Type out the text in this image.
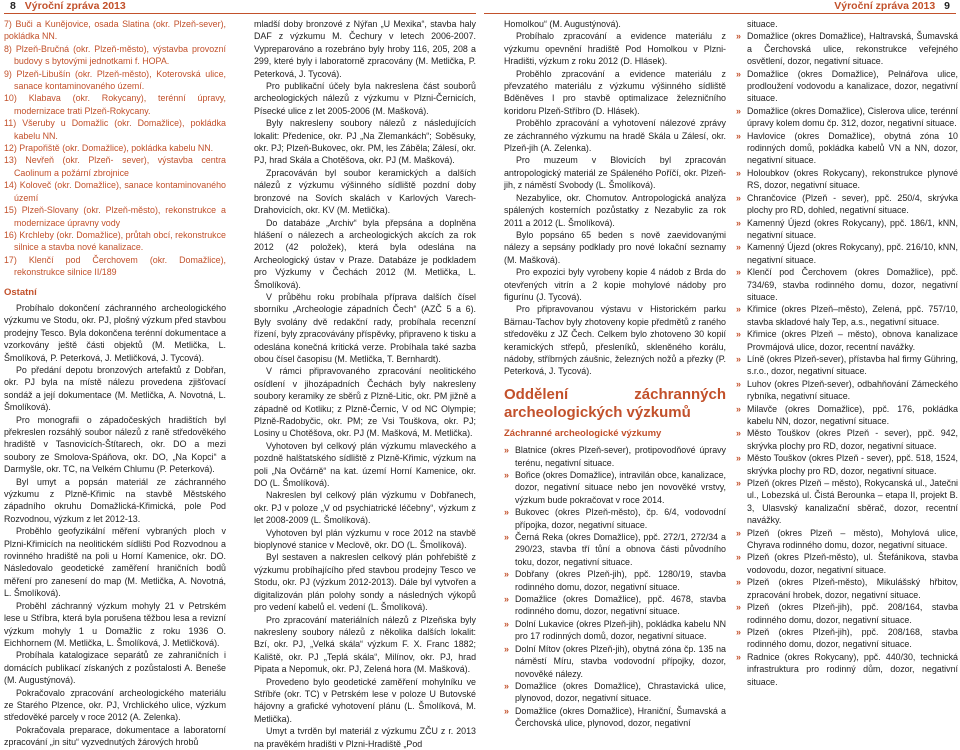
8 Výroční zpráva 2013	Výroční zpráva 2013 9

7) Buči a Kunějovice, osada Slatina (okr. Plzeň-sever), pokládka NN.

8) Plzeň-Bručná (okr. Plzeň-město), výstavba provozní budovy s bytovými jednotkami f. HOPA.
9) Plzeň-Libušín (okr. Plzeň-město), Koterovská ulice, sanace kontaminovaného území.
10) Klabava (okr. Rokycany), terénní úpravy, modernizace trati Plzeň-Rokycany.
11) Všeruby u Domažlic (okr. Domažlice), pokládka kabelu NN.
12) Prapořiště (okr. Domažlice), pokládka kabelu NN.
13) Nevřeň (okr. Plzeň- sever), výstavba centra Caolinum a požární zbrojnice
14) Koloveč (okr. Domažlice), sanace kontaminovaného území
15) Plzeň-Slovany (okr. Plzeň-město), rekonstrukce a modernizace úpravny vody
16) Krchleby (okr. Domažlice), průtah obcí, rekonstrukce silnice a stavba nové kanalizace.
17) Klenčí pod Čerchovem (okr. Domažlice), rekonstrukce silnice II/189
Ostatní

Probíhalo dokončení záchranného archeologického výzkumu ve Stodu, okr. PJ, plošný výzkum před stavbou prodejny Tesco. Byla dokončena terénní dokumentace a vzorkovány ještě části objektů (M. Metlička, L. Šmolíková, P. Peterková, J. Metličková, J. Tycová).

Po předání depotu bronzových artefaktů z Dobřan, okr. PJ byla na místě nálezu provedena zjišťovací sondáž a její dokumentace (M. Metlička, A. Novotná, L. Šmolíková).

Pro monografii o západočeských hradištích byl překreslen rozsáhlý soubor nálezů z raně středověkého hradiště v Tasnovicích-Štítarech, okr. DO a mezi soubory ze Smolova-Spáňova, okr. DO, „Na Kopci“ a Darmyšle, okr. TC, na Velkém Chlumu (P. Peterková).

Byl umyt a popsán materiál ze záchranného výzkumu z Plzně-Křimic na stavbě Městského západního okruhu Domažlická-Křimická, pole Pod Rozvodnou, výzkum z let 2012-13.

Proběhlo geofyzikální měření vybraných ploch v Plzni-Křimicích na neolitickém sídlišti Pod Rozvodnou a rovinného hradiště na poli u Horní Kamenice, okr. DO. Následovalo geodetické zaměření hraničních bodů měření pro zanesení do map (M. Metlička, A. Novotná, L. Šmolíková).

Proběhl záchranný výzkum mohyly 21 v Petrském lese u Stříbra, která byla porušena těžbou lesa a revizní výzkum mohyly 1 u Domažlic z roku 1936 O. Eichhornem (M. Metlička, L. Šmolíková, J. Metličková).

Probíhala katalogizace separátů ze zahraničních i domácích publikací získaných z pozůstalosti A. Beneše (M. Augustýnová).

Pokračovalo zpracování archeologického materiálu ze Starého Plzence, okr. PJ, Vrchlického ulice, výzkum středověké parcely v roce 2012 (A. Zelenka).

Pokračovala preparace, dokumentace a laboratorní zpracování „in situ“ vyzvednutých žárových hrobů

mladší doby bronzové z Nýřan „U Mexika“, stavba haly DAF z výzkumu M. Čechury v letech 2006-2007. Vypreparováno a rozebráno byly hroby 116, 205, 208 a 299, které byly i laboratorně zpracovány (M. Metlička, P. Peterková, J. Tycová).

Pro publikační účely byla nakreslena část souborů archeologických nálezů z výzkumu v Plzni-Černicích, Písecké ulice z let 2005-2006 (M. Mašková).

Byly nakresleny soubory nálezů z následujících lokalit: Předenice, okr. PJ „Na Zlemankách“; Soběsuky, okr. PJ; Plzeň-Bukovec, okr. PM, les Záběla; Zálesí, okr. PJ, hrad Skála a Chotěšova, okr. PJ (M. Mašková).

Zpracováván byl soubor keramických a dalších nálezů z výzkumu výšinného sídliště pozdní doby bronzové na Sovích skalách v Karlových Varech-Drahovicích, okr. KV (M. Metlička).

Do databáze „Archiv“ byla přepsána a doplněna hlášení o nálezech a archeologických akcích za rok 2012 (42 položek), která byla odeslána na Archeologický ústav v Praze. Databáze je podkladem pro Výzkumy v Čechách 2012 (M. Metlička, L. Šmolíková).

V průběhu roku probíhala příprava dalších čísel sborníku „Archeologie západních Čech“ (AZČ 5 a 6). Byly svolány dvě redakční rady, probíhala recenzní řízení, byly zpracovávány příspěvky, připraveno k tisku a odeslána konečná kritická verze. Probíhala také sazba obou čísel časopisu (M. Metlička, T. Bernhardt).

V rámci připravovaného zpracování neolitického osídlení v jihozápadních Čechách byly nakresleny soubory keramiky ze sběrů z Plzně-Litic, okr. PM jižně a západně od Kotliku; z Plzně-Černic, V od NC Olympie; Plzně-Radobyčic, okr. PM; ze Vsi Touškova, okr. PJ; Losiny u Chotěšova, okr. PJ (M. Mašková, M. Metlička).

Vyhotoven byl celkový plán výzkumu mlaveckého a pozdně halštatského sídliště z Plzně-Křimic, výzkum na poli „Na Ovčárně“ na kat. území Horní Kamenice, okr. DO (L. Šmolíková).

Nakreslen byl celkový plán výzkumu v Dobřanech, okr. PJ v poloze „V od psychiatrické léčebny“, výzkum z let 2008-2009 (L. Šmolíková).

Vyhotoven byl plán výzkumu v roce 2012 na stavbě bioplynové stanice v Meclově, okr. DO (L. Šmolíková).

Byl sestaven a nakreslen celkový plán pohřebiště z výzkumu probíhajícího před stavbou prodejny Tesco ve Stodu, okr. PJ (výzkum 2012-2013). Dále byl vytvořen a digitalizován plán polohy sondy a následných výkopů pro vedení kabelů el. vedení (L. Šmolíková).

Pro zpracování materiálních nálezů z Plzeňska byly nakresleny soubory nálezů z několika dalších lokalit: Bzí, okr. PJ, „Velká skála“ výzkum F. X. Franc 1882; Kaliště, okr. PJ „Teplá skála“, Milínov, okr. PJ, hrad Pipata a Nepomuk, okr. PJ, Zelená hora (M. Mašková).

Provedeno bylo geodetické zaměření mohylníku ve Stříbře (okr. TC) v Petrském lese v poloze U Butovské hájovny a grafické vyhotovení plánu (L. Šmolíková, M. Metlička).

Umyt a tvrděn byl materiál z výzkumu ZČU z r. 2013 na pravěkém hradišti v Plzni-Hradiště „Pod

Homolkou“ (M. Augustýnová).

Probíhalo zpracování a evidence materiálu z výzkumu opevnění hradiště Pod Homolkou v Plzni-Hradišti, výzkum z roku 2012 (D. Hlásek).

Proběhlo zpracování a evidence materiálu z převzatého materiálu z výzkumu výšinného sídliště Bděněves I pro stavbě optimalizace železničního koridoru Plzeň-Stříbro (D. Hlásek).

Proběhlo zpracování a vyhotovení nálezové zprávy ze záchranného výzkumu na hradě Skála u Zálesí, okr. Plzeň-jih (A. Zelenka).

Pro muzeum v Blovicích byl zpracován antropologický materiál ze Spáleného Poříčí, okr. Plzeň-jih, z náměstí Svobody (L. Šmolíková).

Nezabylice, okr. Chomutov. Antropologická analýza spálených kosterních pozůstatky z Nezabylic za rok 2011 a 2012 (L. Šmolíková).

Bylo popsáno 65 beden s nově zaevidovanými nálezy a sepsány podklady pro nové lokační seznamy (M. Mašková).

Pro expozici byly vyrobeny kopie 4 nádob z Brda do otevřených vitrín a 2 kopie mohylové nádoby pro figurínu (J. Tycová).

Pro připravovanou výstavu v Historickém parku Bärnau-Tachov byly zhotoveny kopie předmětů z raného středověku z JZ Čech. Celkem bylo zhotoveno 30 kopií keramických střepů, přesleníků, skleněného korálu, nádoby, stříbrných záušnic, železných nožů a přezky (P. Peterková, J. Tycová).

Oddělení záchranných archeologických výzkumů
Záchranné archeologické výzkumy
» Blatnice (okres Plzeň-sever), protipovodňové úpravy terénu, negativní situace.
» Bořice (okres Domažlice), intravilán obce, kanalizace, dozor, negativní situace nebo jen novověké vrstvy, výzkum bude pokračovat v roce 2014.
» Bukovec (okres Plzeň-město), čp. 6/4, vodovodní přípojka, dozor, negativní situace.
» Černá Reka (okres Domažlice), ppč. 272/1, 272/34 a 290/23, stavba tří tůní a obnova části původního toku, dozor, negativní situace.
» Dobřany (okres Plzeň-jih), ppč. 1280/19, stavba rodinného domu, dozor, negativní situace.
» Domažlice (okres Domažlice), ppč. 4678, stavba rodinného domu, dozor, negativní situace.
» Dolní Lukavice (okres Plzeň-jih), pokládka kabelu NN pro 17 rodinných domů, dozor, negativní situace.
» Dolní Mítov (okres Plzeň-jih), obytná zóna čp. 135 na náměstí Míru, stavba vodovodní přípojky, dozor, novověké nálezy.
» Domažlice (okres Domažlice), Chrastavická ulice, plynovod, dozor, negativní situace.
» Domažlice (okres Domažlice), Hraniční, Šumavská a Čerchovská ulice, plynovod, dozor, negativní
situace.
» Domažlice (okres Domažlice), Haltravská, Šumavská a Čerchovská ulice, rekonstrukce veřejného osvětlení, dozor, negativní situace.
» Domažlice (okres Domažlice), Pelnářova ulice, prodloužení vodovodu a kanalizace, dozor, negativní situace.
» Domažlice (okres Domažlice), Cislerova ulice, terénní úpravy kolem domu čp. 312, dozor, negativní situace.
» Havlovice (okres Domažlice), obytná zóna 10 rodinných domů, pokládka kabelů VN a NN, dozor, negativní situace.
» Holoubkov (okres Rokycany), rekonstrukce plynové RS, dozor, negativní situace.
» Chrančovice (Plzeň - sever), ppč. 250/4, skrývka plochy pro RD, dohled, negativní situace.
» Kamenný Újezd (okres Rokycany), ppč. 186/1, kNN, negativní situace.
» Kamenný Újezd (okres Rokycany), ppč. 216/10, kNN, negativní situace.
» Klenčí pod Čerchovem (okres Domažlice), ppč. 734/69, stavba rodinného domu, dozor, negativní situace.
» Křimice (okres Plzeň–město), Zelená, ppč. 757/10, stavba skladové haly Tep, a.s., negativní situace.
» Křimice (okres Plzeň – město), obnova kanalizace Provmájová ulice, dozor, recentní navážky.
» Líně (okres Plzeň-sever), přístavba hal firmy Gühring, s.r.o., dozor, negativní situace.
» Luhov (okres Plzeň-sever), odbahňování Zámeckého rybníka, negativní situace.
» Milavče (okres Domažlice), ppč. 176, pokládka kabelu NN, dozor, negativní situace.
» Město Touškov (okres Plzeň - sever), ppč. 942, skrývka plochy pro RD, dozor, negativní situace.
» Město Touškov (okres Plzeň - sever), ppč. 518, 1524, skrývka plochy pro RD, dozor, negativní situace.
» Plzeň (okres Plzeň – město), Rokycanská ul., Jatečni ul., Lobezská ul. Čistá Berounka – etapa II, projekt B. 3, Ulasvský kanalizační sběrač, dozor, recentní navážky.
» Plzeň (okres Plzeň – město), Mohylová ulice, Chyrava rodinného domu, dozor, negativní situace.
» Plzeň (okres Plzeň-město), ul. Štefánikova, stavba vodovodu, dozor, negativní situace.
» Plzeň (okres Plzeň-město), Mikulášský hřbitov, zpracování hrobek, dozor, negativní situace.
» Plzeň (okres Plzeň-jih), ppč. 208/164, stavba rodinného domu, dozor, negativní situace.
» Plzeň (okres Plzeň-jih), ppč. 208/168, stavba rodinného domu, dozor, negativní situace.
» Radnice (okres Rokycany), ppč. 440/30, technická infrastruktura pro rodinný dům, dozor, negativní situace.
